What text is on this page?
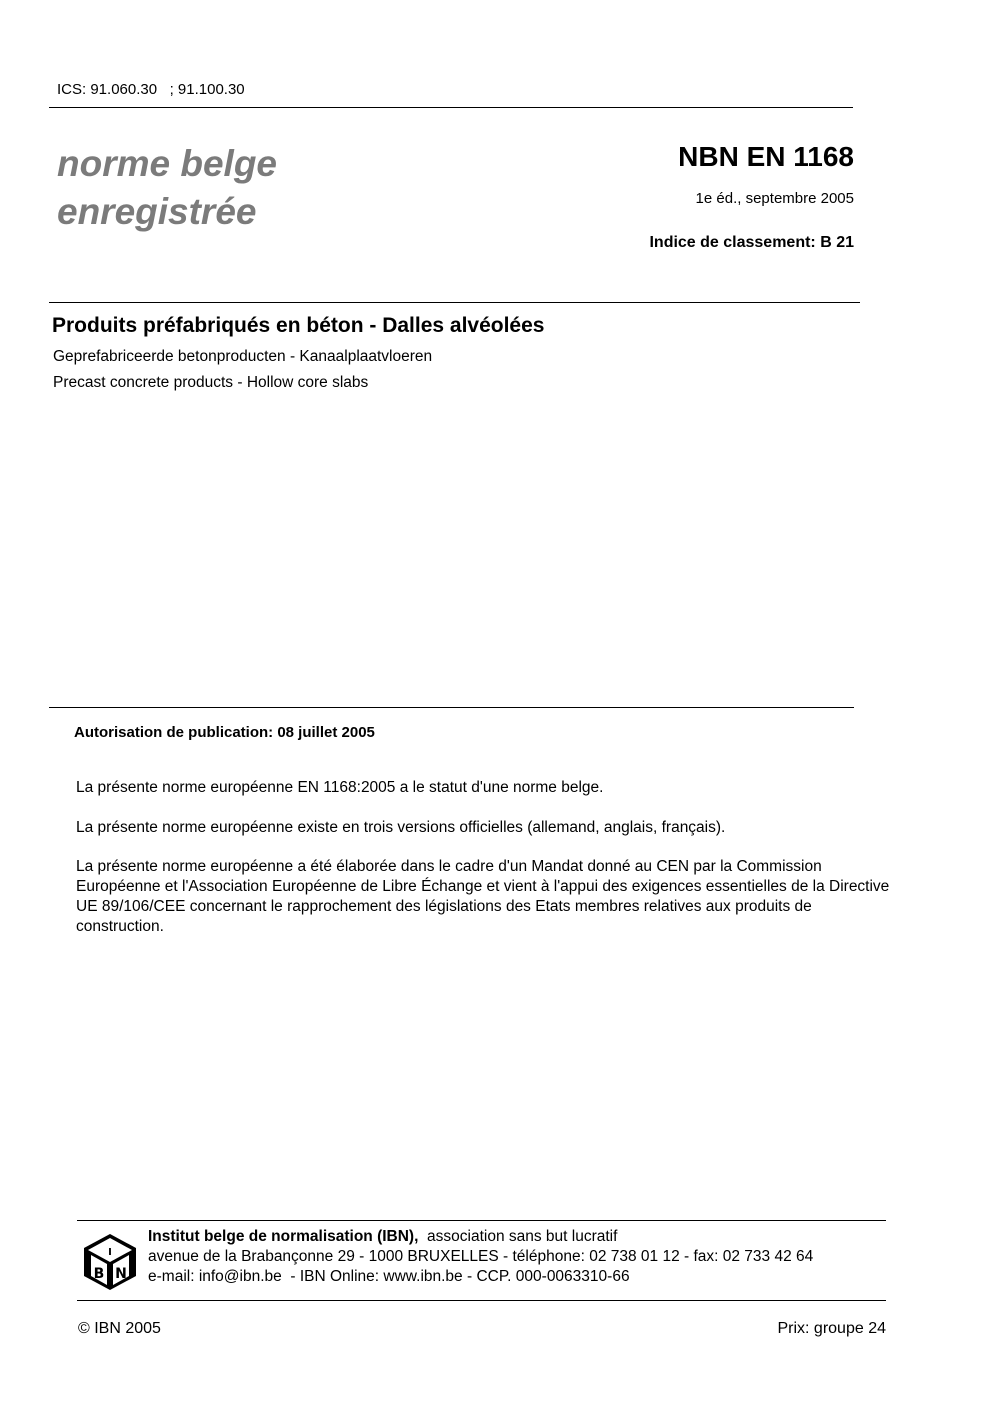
ICS: 91.060.30   ; 91.100.30
norme belge
enregistrée
NBN EN 1168
1e éd., septembre 2005
Indice de classement: B 21
Produits préfabriqués en béton - Dalles alvéolées
Geprefabriceerde betonproducten - Kanaalplaatvloeren
Precast concrete products - Hollow core slabs
Autorisation de publication: 08 juillet 2005
La présente norme européenne EN 1168:2005 a le statut d'une norme belge.
La présente norme européenne existe en trois versions officielles (allemand, anglais, français).
La présente norme européenne a été élaborée dans le cadre d'un Mandat donné au CEN par la Commission Européenne et l'Association Européenne de Libre Échange et vient à l'appui des exigences essentielles de la Directive UE 89/106/CEE concernant le rapprochement des législations des Etats membres relatives aux produits de construction.
I
B N
Institut belge de normalisation (IBN),  association sans but lucratif
avenue de la Brabançonne 29 - 1000 BRUXELLES - téléphone: 02 738 01 12 - fax: 02 733 42 64
e-mail: info@ibn.be  - IBN Online: www.ibn.be - CCP. 000-0063310-66
© IBN 2005	Prix: groupe 24
